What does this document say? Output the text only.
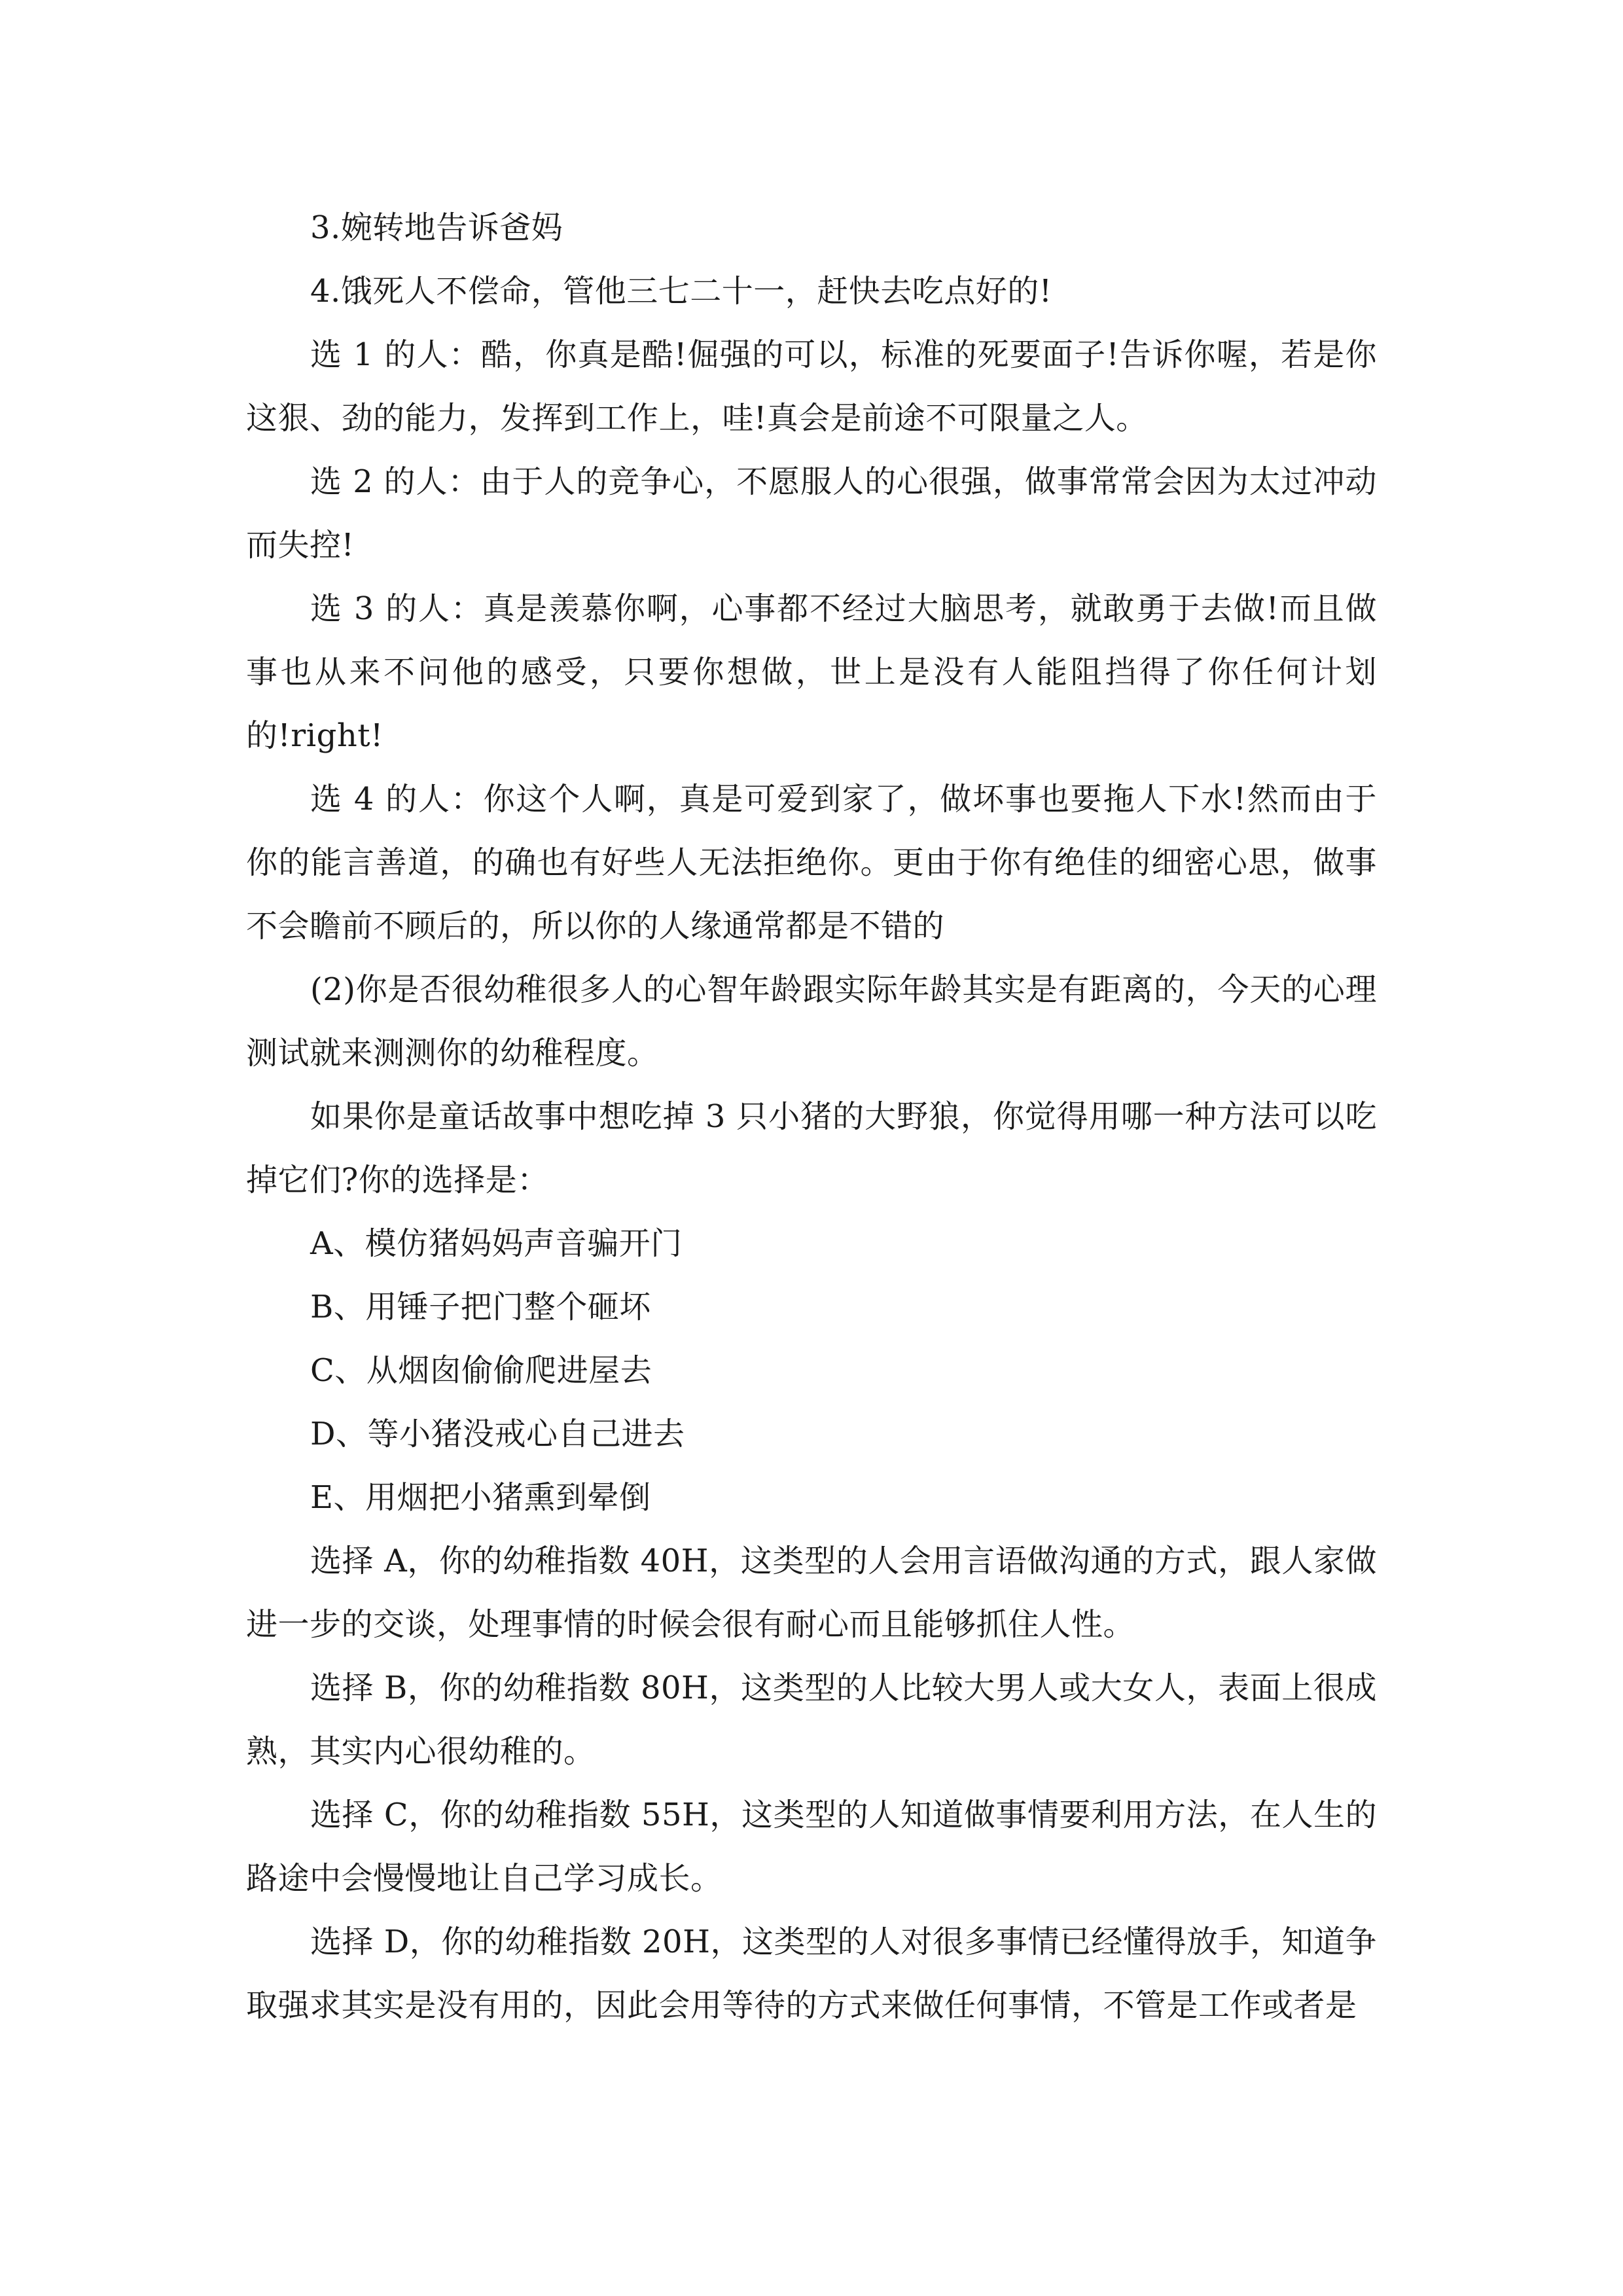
3.婉转地告诉爸妈

4.饿死人不偿命，管他三七二十一，赶快去吃点好的!

选 1 的人：酷，你真是酷!倔强的可以，标准的死要面子!告诉你喔，若是你这狠、劲的能力，发挥到工作上，哇!真会是前途不可限量之人。

选 2 的人：由于人的竞争心，不愿服人的心很强，做事常常会因为太过冲动而失控!

选 3 的人：真是羡慕你啊，心事都不经过大脑思考，就敢勇于去做!而且做事也从来不问他的感受，只要你想做，世上是没有人能阻挡得了你任何计划的!right!

选 4 的人：你这个人啊，真是可爱到家了，做坏事也要拖人下水!然而由于你的能言善道，的确也有好些人无法拒绝你。更由于你有绝佳的细密心思，做事不会瞻前不顾后的，所以你的人缘通常都是不错的

(2)你是否很幼稚很多人的心智年龄跟实际年龄其实是有距离的，今天的心理测试就来测测你的幼稚程度。

如果你是童话故事中想吃掉 3 只小猪的大野狼，你觉得用哪一种方法可以吃掉它们?你的选择是：

A、模仿猪妈妈声音骗开门

B、用锤子把门整个砸坏

C、从烟囱偷偷爬进屋去

D、等小猪没戒心自己进去

E、用烟把小猪熏到晕倒

选择 A，你的幼稚指数 40H，这类型的人会用言语做沟通的方式，跟人家做进一步的交谈，处理事情的时候会很有耐心而且能够抓住人性。

选择 B，你的幼稚指数 80H，这类型的人比较大男人或大女人，表面上很成熟，其实内心很幼稚的。

选择 C，你的幼稚指数 55H，这类型的人知道做事情要利用方法，在人生的路途中会慢慢地让自己学习成长。

选择 D，你的幼稚指数 20H，这类型的人对很多事情已经懂得放手，知道争取强求其实是没有用的，因此会用等待的方式来做任何事情，不管是工作或者是
